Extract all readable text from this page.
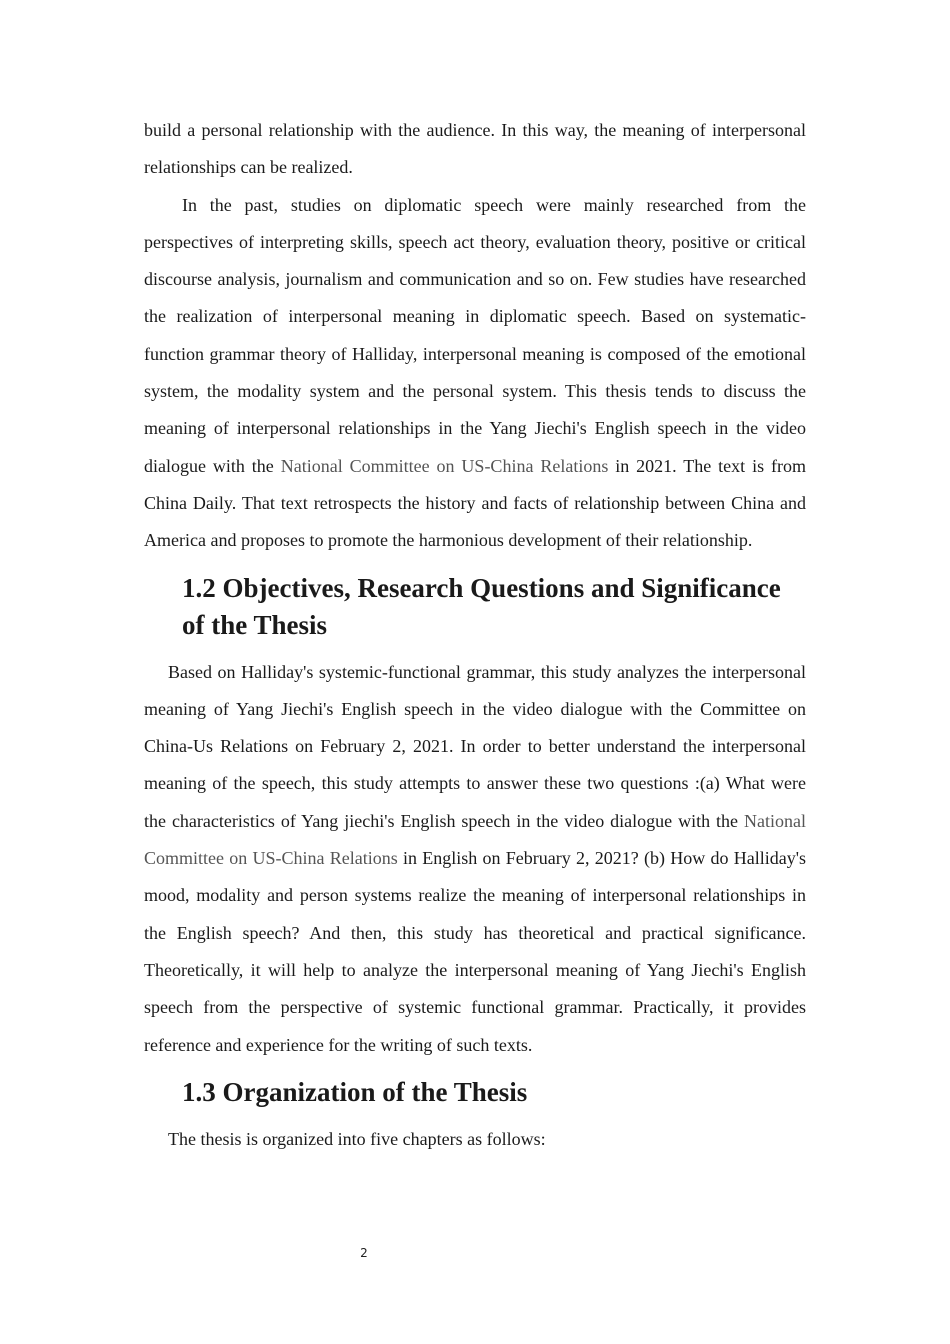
build a personal relationship with the audience. In this way, the meaning of interpersonal relationships can be realized.

In the past, studies on diplomatic speech were mainly researched from the perspectives of interpreting skills, speech act theory, evaluation theory, positive or critical discourse analysis, journalism and communication and so on. Few studies have researched the realization of interpersonal meaning in diplomatic speech. Based on systematic-function grammar theory of Halliday, interpersonal meaning is composed of the emotional system, the modality system and the personal system. This thesis tends to discuss the meaning of interpersonal relationships in the Yang Jiechi's English speech in the video dialogue with the National Committee on US-China Relations in 2021. The text is from China Daily. That text retrospects the history and facts of relationship between China and America and proposes to promote the harmonious development of their relationship.

1.2 Objectives, Research Questions and Significance of the Thesis

Based on Halliday's systemic-functional grammar, this study analyzes the interpersonal meaning of Yang Jiechi's English speech in the video dialogue with the Committee on China-Us Relations on February 2, 2021. In order to better understand the interpersonal meaning of the speech, this study attempts to answer these two questions :(a) What were the characteristics of Yang jiechi's English speech in the video dialogue with the National Committee on US-China Relations in English on February 2, 2021? (b) How do Halliday's mood, modality and person systems realize the meaning of interpersonal relationships in the English speech? And then, this study has theoretical and practical significance. Theoretically, it will help to analyze the interpersonal meaning of Yang Jiechi's English speech from the perspective of systemic functional grammar. Practically, it provides reference and experience for the writing of such texts.

1.3 Organization of the Thesis

The thesis is organized into five chapters as follows:

2
